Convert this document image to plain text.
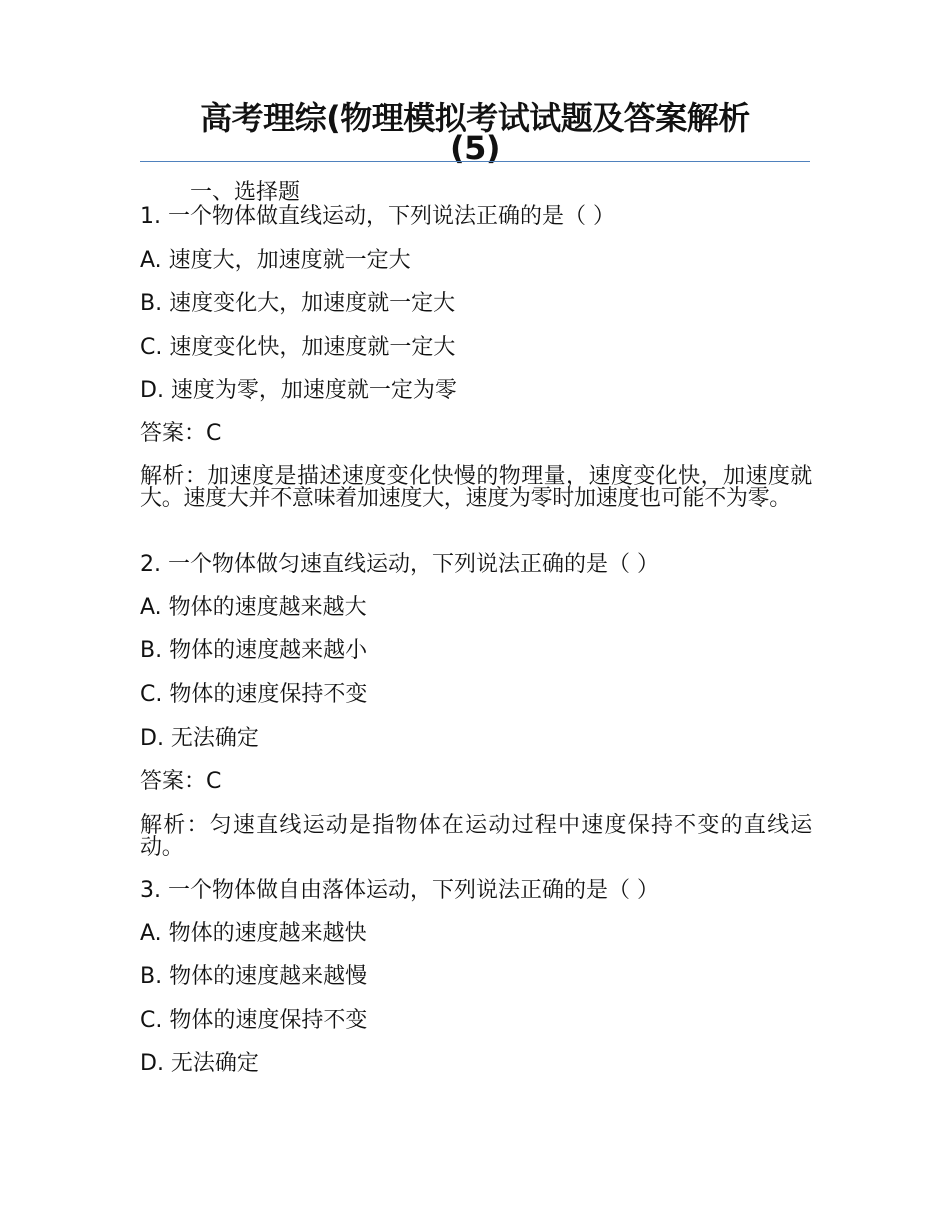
高考理综(物理模拟考试试题及答案解析
(5)
一、选择题
1. 一个物体做直线运动，下列说法正确的是（ ）
A. 速度大，加速度就一定大
B. 速度变化大，加速度就一定大
C. 速度变化快，加速度就一定大
D. 速度为零，加速度就一定为零
答案：C
解析：加速度是描述速度变化快慢的物理量，速度变化快，加速度就大。速度大并不意味着加速度大，速度为零时加速度也可能不为零。
2. 一个物体做匀速直线运动，下列说法正确的是（ ）
A. 物体的速度越来越大
B. 物体的速度越来越小
C. 物体的速度保持不变
D. 无法确定
答案：C
解析：匀速直线运动是指物体在运动过程中速度保持不变的直线运动。
3. 一个物体做自由落体运动，下列说法正确的是（ ）
A. 物体的速度越来越快
B. 物体的速度越来越慢
C. 物体的速度保持不变
D. 无法确定
